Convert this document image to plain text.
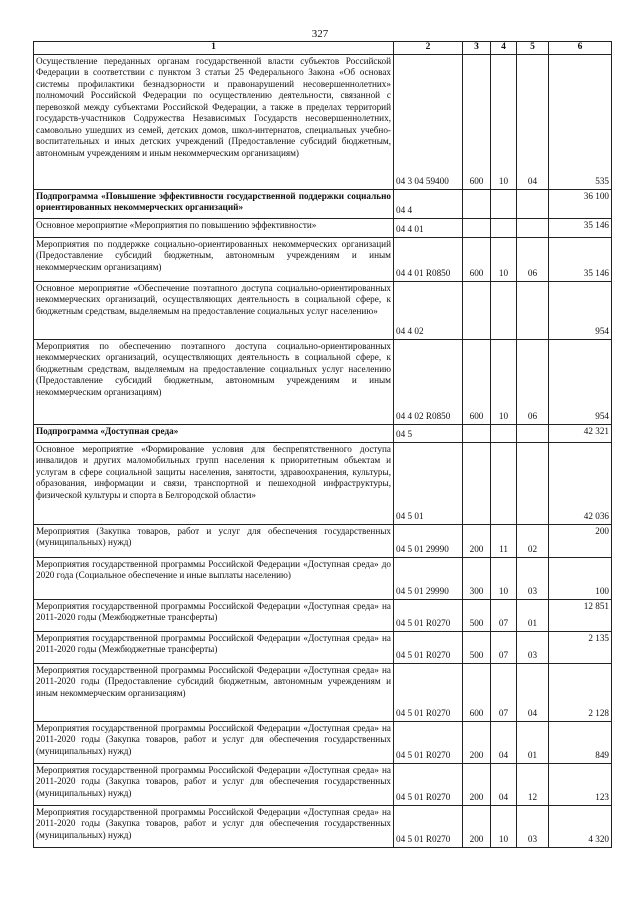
327
1	2	3	4	5	6
Осуществление переданных органам государственной власти субъектов Российской Федерации в соответствии с пунктом 3 статьи 25 Федерального Закона «Об основах системы профилактики безнадзорности и правонарушений несовершеннолетних» полномочий Российской Федерации по осуществлению деятельности, связанной с перевозкой между субъектами Российской Федерации, а также в пределах территорий государств-участников Содружества Независимых Государств несовершеннолетних, самовольно ушедших из семей, детских домов, школ-интернатов, специальных учебно-воспитательных и иных детских учреждений (Предоставление субсидий бюджетным, автономным учреждениям и иным некоммерческим организациям)	04 3 04 59400	600	10	04	535
Подпрограмма «Повышение эффективности государственной поддержки социально ориентированных некоммерческих организаций»	04 4				36 100
Основное мероприятие «Мероприятия по повышению эффективности»	04 4 01				35 146
Мероприятия по поддержке социально-ориентированных некоммерческих организаций (Предоставление субсидий бюджетным, автономным учреждениям и иным некоммерческим организациям)	04 4 01 R0850	600	10	06	35 146
Основное мероприятие «Обеспечение поэтапного доступа социально-ориентированных некоммерческих организаций, осуществляющих деятельность в социальной сфере, к бюджетным средствам, выделяемым на предоставление социальных услуг населению»	04 4 02				954
Мероприятия по обеспечению поэтапного доступа социально-ориентированных некоммерческих организаций, осуществляющих деятельность в социальной сфере, к бюджетным средствам, выделяемым на предоставление социальных услуг населению (Предоставление субсидий бюджетным, автономным учреждениям и иным некоммерческим организациям)	04 4 02 R0850	600	10	06	954
Подпрограмма «Доступная среда»	04 5				42 321
Основное мероприятие «Формирование условия для беспрепятственного доступа инвалидов и других маломобильных групп населения к приоритетным объектам и услугам в сфере социальной защиты населения, занятости, здравоохранения, культуры, образования, информации и связи, транспортной и пешеходной инфраструктуры, физической культуры и спорта в Белгородской области»	04 5 01				42 036
Мероприятия (Закупка товаров, работ и услуг для обеспечения государственных (муниципальных) нужд)	04 5 01 29990	200	11	02	200
Мероприятия государственной программы Российской Федерации «Доступная среда» до 2020 года (Социальное обеспечение и иные выплаты населению)	04 5 01 29990	300	10	03	100
Мероприятия государственной программы Российской Федерации «Доступная среда» на 2011-2020 годы (Межбюджетные трансферты)	04 5 01 R0270	500	07	01	12 851
Мероприятия государственной программы Российской Федерации «Доступная среда» на 2011-2020 годы (Межбюджетные трансферты)	04 5 01 R0270	500	07	03	2 135
Мероприятия государственной программы Российской Федерации «Доступная среда» на 2011-2020 годы (Предоставление субсидий бюджетным, автономным учреждениям и иным некоммерческим организациям)	04 5 01 R0270	600	07	04	2 128
Мероприятия государственной программы Российской Федерации «Доступная среда» на 2011-2020 годы (Закупка товаров, работ и услуг для обеспечения государственных (муниципальных) нужд)	04 5 01 R0270	200	04	01	849
Мероприятия государственной программы Российской Федерации «Доступная среда» на 2011-2020 годы (Закупка товаров, работ и услуг для обеспечения государственных (муниципальных) нужд)	04 5 01 R0270	200	04	12	123
Мероприятия государственной программы Российской Федерации «Доступная среда» на 2011-2020 годы (Закупка товаров, работ и услуг для обеспечения государственных (муниципальных) нужд)	04 5 01 R0270	200	10	03	4 320
